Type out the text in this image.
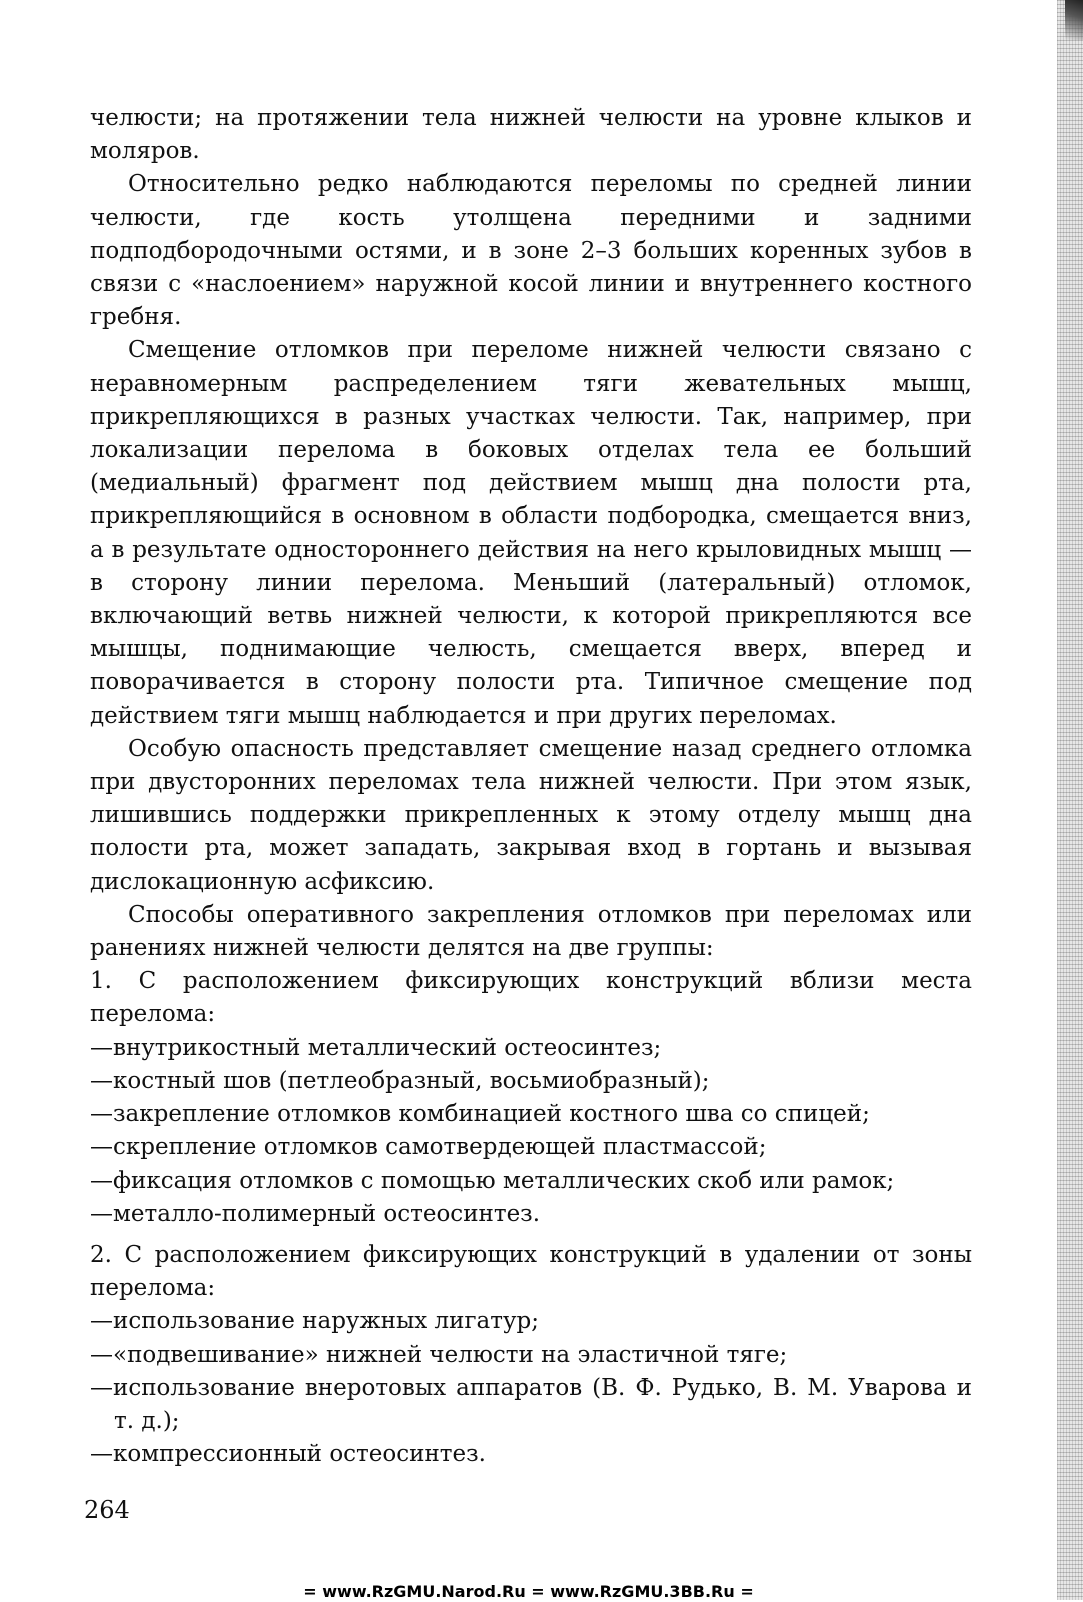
челюсти; на протяжении тела нижней челюсти на уровне клыков и моляров.

Относительно редко наблюдаются переломы по средней линии челюсти, где кость утолщена передними и задними подподбородочными остями, и в зоне 2–3 больших коренных зубов в связи с «наслоением» наружной косой линии и внутреннего костного гребня.

Смещение отломков при переломе нижней челюсти связано с неравномерным распределением тяги жевательных мышц, прикрепляющихся в разных участках челюсти. Так, например, при локализации перелома в боковых отделах тела ее больший (медиальный) фрагмент под действием мышц дна полости рта, прикрепляющийся в основном в области подбородка, смещается вниз, а в результате одностороннего действия на него крыловидных мышц — в сторону линии перелома. Меньший (латеральный) отломок, включающий ветвь нижней челюсти, к которой прикрепляются все мышцы, поднимающие челюсть, смещается вверх, вперед и поворачивается в сторону полости рта. Типичное смещение под действием тяги мышц наблюдается и при других переломах.

Особую опасность представляет смещение назад среднего отломка при двусторонних переломах тела нижней челюсти. При этом язык, лишившись поддержки прикрепленных к этому отделу мышц дна полости рта, может западать, закрывая вход в гортань и вызывая дислокационную асфиксию.

Способы оперативного закрепления отломков при переломах или ранениях нижней челюсти делятся на две группы:

1. С расположением фиксирующих конструкций вблизи места перелома:

—внутрикостный металлический остеосинтез;

—костный шов (петлеобразный, восьмиобразный);

—закрепление отломков комбинацией костного шва со спицей;

—скрепление отломков самотвердеющей пластмассой;

—фиксация отломков с помощью металлических скоб или рамок;

—металло-полимерный остеосинтез.

2. С расположением фиксирующих конструкций в удалении от зоны перелома:

—использование наружных лигатур;

—«подвешивание» нижней челюсти на эластичной тяге;

—использование внеротовых аппаратов (В. Ф. Рудько, В. М. Уварова и т. д.);

—компрессионный остеосинтез.

264
= www.RzGMU.Narod.Ru = www.RzGMU.3BB.Ru =
